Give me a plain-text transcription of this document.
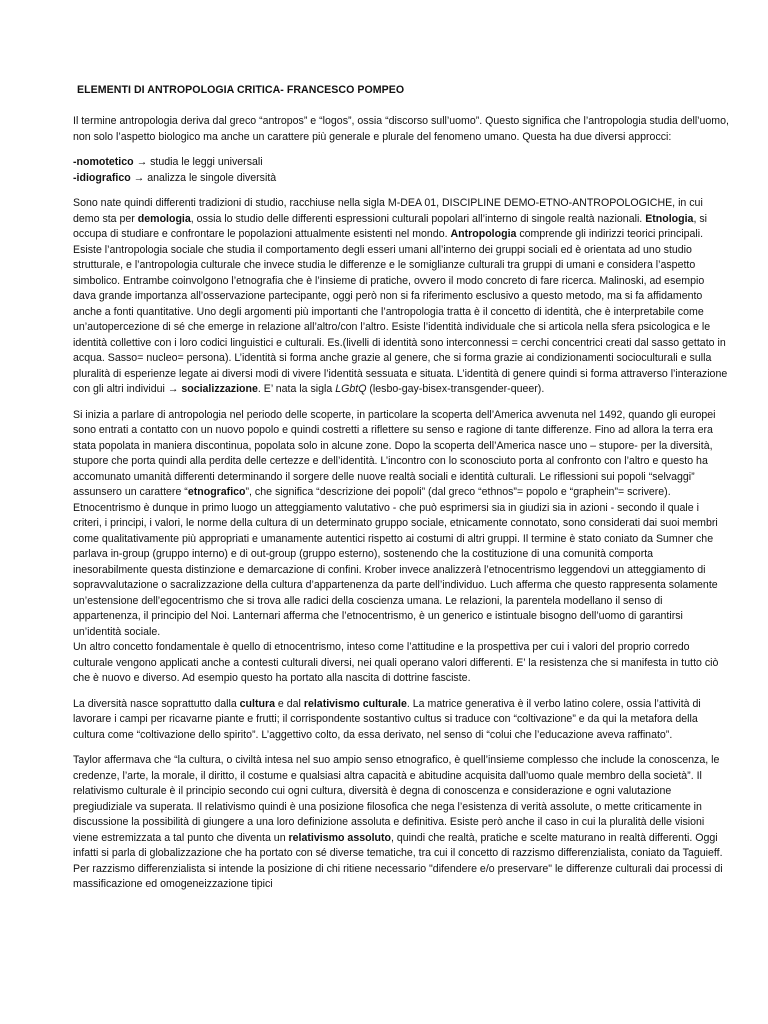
ELEMENTI DI ANTROPOLOGIA CRITICA- FRANCESCO POMPEO

Il termine antropologia deriva dal greco “antropos” e “logos”, ossia “discorso sull’uomo”. Questo significa che l’antropologia studia dell’uomo, non solo l’aspetto biologico ma anche un carattere più generale e plurale del fenomeno umano. Questa ha due diversi approcci:

-nomotetico → studia le leggi universali
-idiografico → analizza le singole diversità

Sono nate quindi differenti tradizioni di studio, racchiuse nella sigla M-DEA 01, DISCIPLINE DEMO-ETNO-ANTROPOLOGICHE, in cui demo sta per demologia, ossia lo studio delle differenti espressioni culturali popolari all’interno di singole realtà nazionali. Etnologia, si occupa di studiare e confrontare le popolazioni attualmente esistenti nel mondo. Antropologia comprende gli indirizzi teorici principali. Esiste l’antropologia sociale che studia il comportamento degli esseri umani all’interno dei gruppi sociali ed è orientata ad uno studio strutturale, e l’antropologia culturale che invece studia le differenze e le somiglianze culturali tra gruppi di umani e considera l’aspetto simbolico. Entrambe coinvolgono l’etnografia che è l’insieme di pratiche, ovvero il modo concreto di fare ricerca. Malinoski, ad esempio dava grande importanza all’osservazione partecipante, oggi però non si fa riferimento esclusivo a questo metodo, ma si fa affidamento anche a fonti quantitative. Uno degli argomenti più importanti che l’antropologia tratta è il concetto di identità, che è interpretabile come un’autopercezione di sé che emerge in relazione all’altro/con l’altro. Esiste l’identità individuale che si articola nella sfera psicologica e le identità collettive con i loro codici linguistici e culturali. Es.(livelli di identità sono interconnessi = cerchi concentrici creati dal sasso gettato in acqua. Sasso= nucleo= persona). L’identità si forma anche grazie al genere, che si forma grazie ai condizionamenti socioculturali e sulla pluralità di esperienze legate ai diversi modi di vivere l’identità sessuata e situata. L’identità di genere quindi si forma attraverso l’interazione con gli altri individui → socializzazione. E’ nata la sigla LGbtQ (lesbo-gay-bisex-transgender-queer).

Si inizia a parlare di antropologia nel periodo delle scoperte, in particolare la scoperta dell’America avvenuta nel 1492, quando gli europei sono entrati a contatto con un nuovo popolo e quindi costretti a riflettere su senso e ragione di tante differenze. Fino ad allora la terra era stata popolata in maniera discontinua, popolata solo in alcune zone. Dopo la scoperta dell’America nasce uno – stupore- per la diversità, stupore che porta quindi alla perdita delle certezze e dell’identità. L’incontro con lo sconosciuto porta al confronto con l’altro e questo ha accomunato umanità differenti determinando il sorgere delle nuove realtà sociali e identità culturali. Le riflessioni sui popoli “selvaggi” assunsero un carattere “etnografico”, che significa “descrizione dei popoli” (dal greco “ethnos”= popolo e “graphein”= scrivere). Etnocentrismo è dunque in primo luogo un atteggiamento valutativo - che può esprimersi sia in giudizi sia in azioni - secondo il quale i criteri, i principi, i valori, le norme della cultura di un determinato gruppo sociale, etnicamente connotato, sono considerati dai suoi membri come qualitativamente più appropriati e umanamente autentici rispetto ai costumi di altri gruppi. Il termine è stato coniato da Sumner che parlava in-group (gruppo interno) e di out-group (gruppo esterno), sostenendo che la costituzione di una comunità comporta inesorabilmente questa distinzione e demarcazione di confini. Krober invece analizzerà l’etnocentrismo leggendovi un atteggiamento di sopravvalutazione o sacralizzazione della cultura d’appartenenza da parte dell’individuo. Luch afferma che questo rappresenta solamente un’estensione dell’egocentrismo che si trova alle radici della coscienza umana. Le relazioni, la parentela modellano il senso di appartenenza, il principio del Noi. Lanternari afferma che l’etnocentrismo, è un generico e istintuale bisogno dell’uomo di garantirsi un’identità sociale.
Un altro concetto fondamentale è quello di etnocentrismo, inteso come l’attitudine e la prospettiva per cui i valori del proprio corredo culturale vengono applicati anche a contesti culturali diversi, nei quali operano valori differenti. E’ la resistenza che si manifesta in tutto ciò che è nuovo e diverso. Ad esempio questo ha portato alla nascita di dottrine fasciste.

La diversità nasce soprattutto dalla cultura e dal relativismo culturale. La matrice generativa è il verbo latino colere, ossia l’attività di lavorare i campi per ricavarne piante e frutti; il corrispondente sostantivo cultus si traduce con “coltivazione” e da qui la metafora della cultura come “coltivazione dello spirito”. L’aggettivo colto, da essa derivato, nel senso di “colui che l’educazione aveva raffinato”.

Taylor affermava che “la cultura, o civiltà intesa nel suo ampio senso etnografico, è quell’insieme complesso che include la conoscenza, le credenze, l’arte, la morale, il diritto, il costume e qualsiasi altra capacità e abitudine acquisita dall’uomo quale membro della società”. Il relativismo culturale è il principio secondo cui ogni cultura, diversità è degna di conoscenza e considerazione e ogni valutazione pregiudiziale va superata. Il relativismo quindi è una posizione filosofica che nega l’esistenza di verità assolute, o mette criticamente in discussione la possibilità di giungere a una loro definizione assoluta e definitiva. Esiste però anche il caso in cui la pluralità delle visioni viene estremizzata a tal punto che diventa un relativismo assoluto, quindi che realtà, pratiche e scelte maturano in realtà differenti. Oggi infatti si parla di globalizzazione che ha portato con sé diverse tematiche, tra cui il concetto di razzismo differenzialista, coniato da Taguieff. Per razzismo differenzialista si intende la posizione di chi ritiene necessario "difendere e/o preservare" le differenze culturali dai processi di massificazione ed omogeneizzazione tipici
